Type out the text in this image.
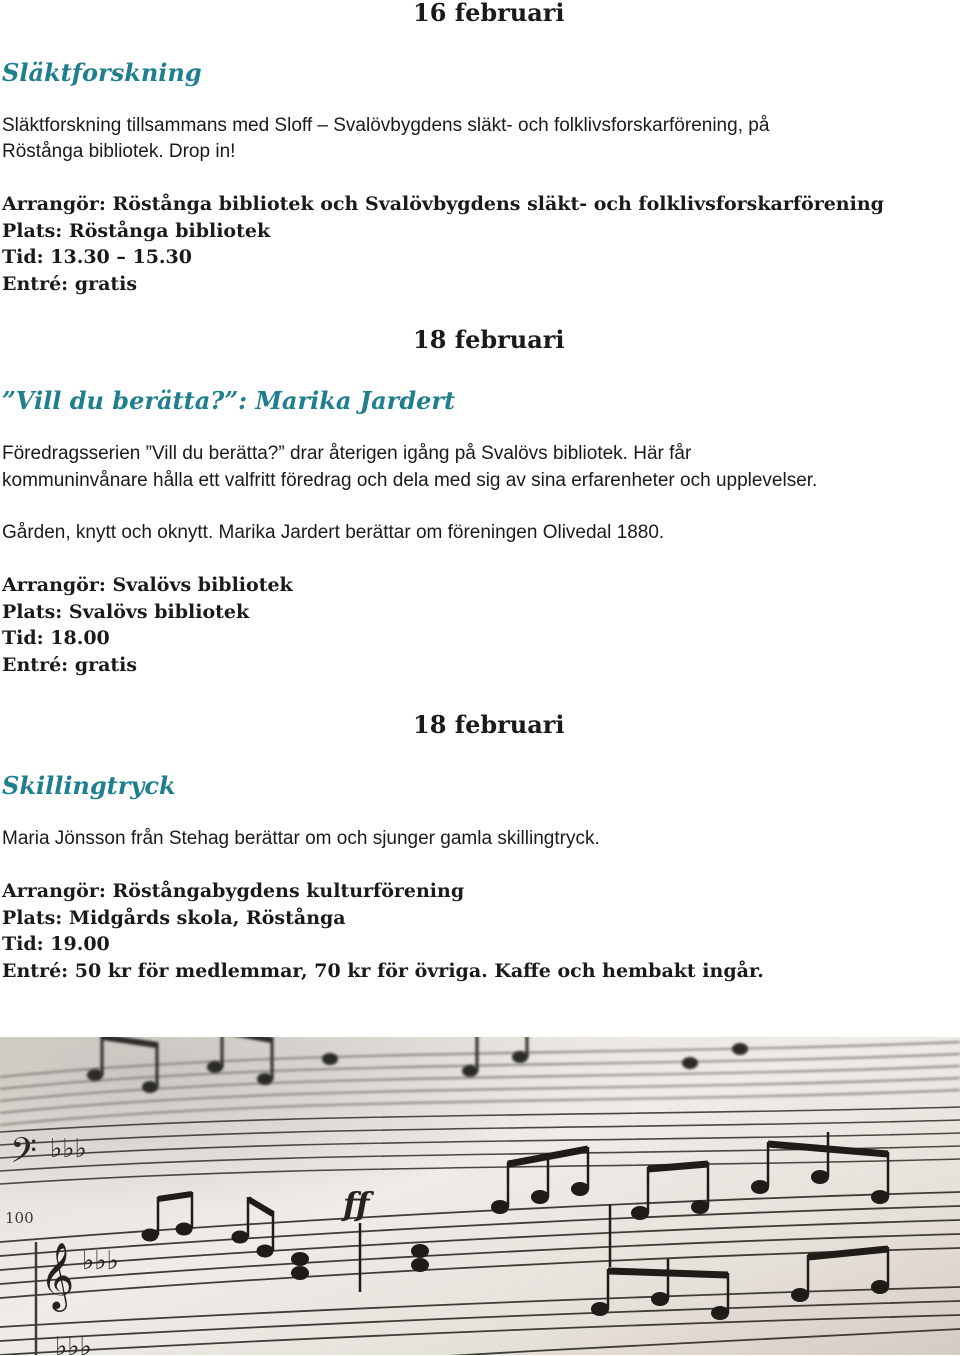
16 februari
Släktforskning
Släktforskning tillsammans med Sloff – Svalövbygdens släkt- och folklivsforskarförening, på
Röstånga bibliotek. Drop in!
Arrangör: Röstånga bibliotek och Svalövbygdens släkt- och folklivsforskarförening
Plats: Röstånga bibliotek
Tid: 13.30 – 15.30
Entré: gratis
18 februari
”Vill du berätta?”: Marika Jardert
Föredragsserien ”Vill du berätta?” drar återigen igång på Svalövs bibliotek. Här får
kommuninvånare hålla ett valfritt föredrag och dela med sig av sina erfarenheter och upplevelser.
Gården, knytt och oknytt. Marika Jardert berättar om föreningen Olivedal 1880.
Arrangör: Svalövs bibliotek
Plats: Svalövs bibliotek
Tid: 18.00
Entré: gratis
18 februari
Skillingtryck
Maria Jönsson från Stehag berättar om och sjunger gamla skillingtryck.
Arrangör: Röstångabygdens kulturförening
Plats: Midgårds skola, Röstånga
Tid: 19.00
Entré: 50 kr för medlemmar, 70 kr för övriga. Kaffe och hembakt ingår.
𝄢 ♭♭♭
100
𝄞 ♭♭♭
ff
♭♭♭
